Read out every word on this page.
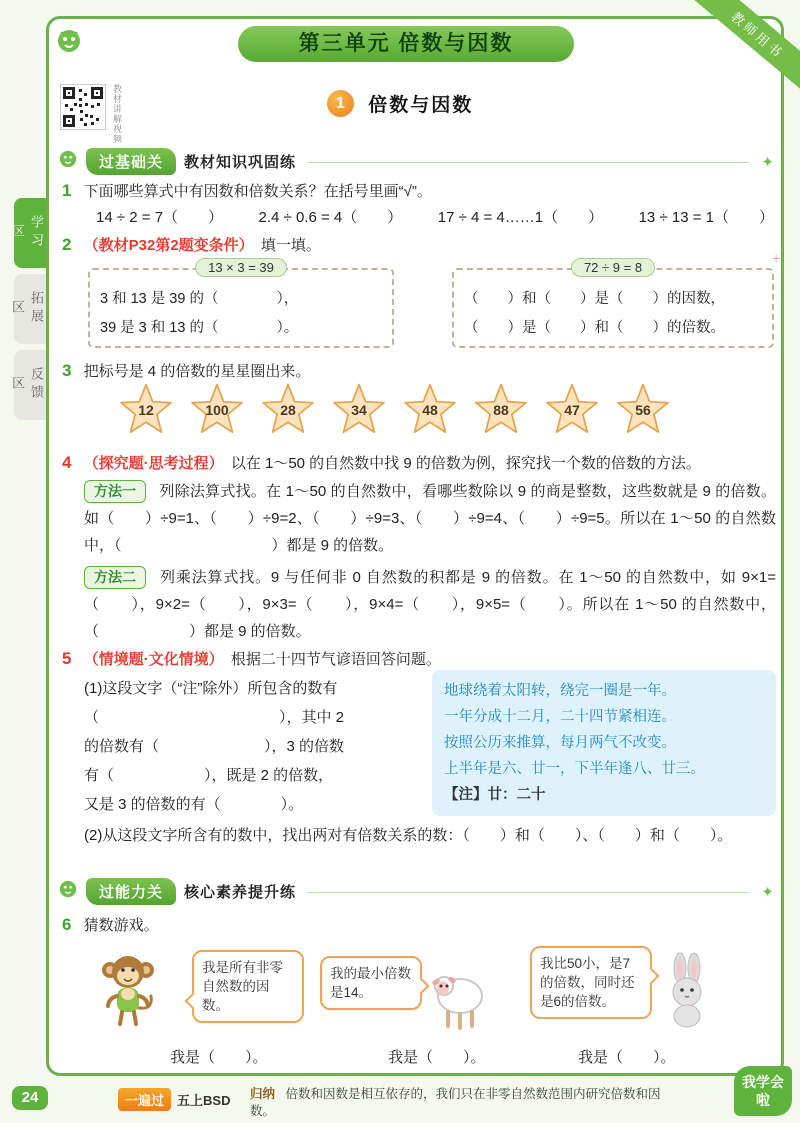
教师用书
第三单元 倍数与因数
学习区
拓展区
反馈区
教材讲解视频	1 倍数与因数
过基础关	教材知识巩固练	✦
1 下面哪些算式中有因数和倍数关系？在括号里画“√”。
14 ÷ 2 = 7（　　） 2.4 ÷ 0.6 = 4（　　） 17 ÷ 4 = 4……1（　　） 13 ÷ 13 = 1（　　）
2 （教材P32第2题变条件） 填一填。
13 × 3 = 39
3 和 13 是 39 的（　　　　），
39 是 3 和 13 的（　　　　）。
72 ÷ 9 = 8
（　　）和（　　）是（　　）的因数，
（　　）是（　　）和（　　）的倍数。
+
3 把标号是 4 的倍数的星星圈出来。
12	100	28	34	48	88	47	56
4 （探究题·思考过程） 以在 1～50 的自然数中找 9 的倍数为例，探究找一个数的倍数的方法。
方法一 列除法算式找。在 1～50 的自然数中，看哪些数除以 9 的商是整数，这些数就是 9 的倍数。如（　　）÷9=1、（　　）÷9=2、（　　）÷9=3、（　　）÷9=4、（　　）÷9=5。所以在 1～50 的自然数中，（　　　　　　　　　　）都是 9 的倍数。
方法二 列乘法算式找。9 与任何非 0 自然数的积都是 9 的倍数。在 1～50 的自然数中，如 9×1=（　　），9×2=（　　），9×3=（　　），9×4=（　　），9×5=（　　）。所以在 1～50 的自然数中，（　　　　　　）都是 9 的倍数。
5 （情境题·文化情境） 根据二十四节气谚语回答问题。
(1)这段文字（“注”除外）所包含的数有
（　　　　　　　　　　　　），其中 2
的倍数有（　　　　　　　），3 的倍数
有（　　　　　　），既是 2 的倍数，
又是 3 的倍数的有（　　　　）。
地球绕着太阳转，绕完一圈是一年。
一年分成十二月，二十四节紧相连。
按照公历来推算，每月两气不改变。
上半年是六、廿一，下半年逢八、廿三。
【注】廿：二十
(2)从这段文字所含有的数中，找出两对有倍数关系的数：（　　）和（　　）、（　　）和（　　）。
过能力关	核心素养提升练	✦
6 猜数游戏。
我是所有非零自然数的因数。
我是（　　）。
我的最小倍数是14。
我是（　　）。
我比50小，是7的倍数，同时还是6的倍数。
我是（　　）。
24	一遍过	五上BSD 归纳 倍数和因数是相互依存的，我们只在非零自然数范围内研究倍数和因数。
我学会啦
